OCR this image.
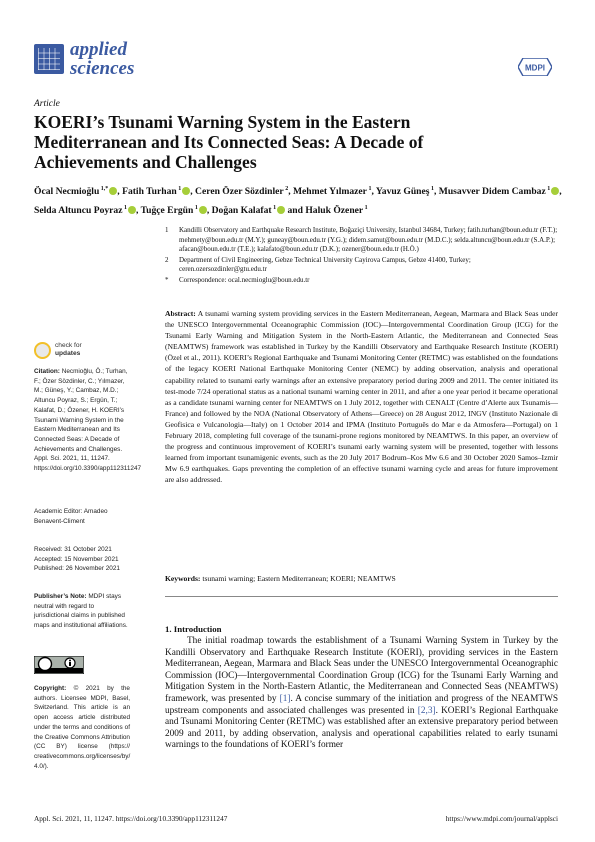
applied
sciences	MDPI
Article
KOERI’s Tsunami Warning System in the Eastern Mediterranean and Its Connected Seas: A Decade of Achievements and Challenges
Öcal Necmioğlu $^{1,*}$ , Fatih Turhan $^1$ , Ceren Özer Sözdinler $^2$, Mehmet Yılmazer $^1$, Yavuz Güneş $^1$, Musavver Didem Cambaz $^1$ , Selda Altuncu Poyraz $^1$ , Tuğçe Ergün $^1$ , Doğan Kalafat $^1$ and Haluk Özener $^1$
1	Kandilli Observatory and Earthquake Research Institute, Boğaziçi University, Istanbul 34684, Turkey; fatih.turhan@boun.edu.tr (F.T.); mehmety@boun.edu.tr (M.Y.); guneay@boun.edu.tr (Y.G.); didem.samut@boun.edu.tr (M.D.C.); selda.altuncu@boun.edu.tr (S.A.P.); afacan@boun.edu.tr (T.E.); kalafato@boun.edu.tr (D.K.); ozener@boun.edu.tr (H.Ö.)
2	Department of Civil Engineering, Gebze Technical University Cayirova Campus, Gebze 41400, Turkey; ceren.ozersozdinler@gtu.edu.tr
*	Correspondence: ocal.necmioglu@boun.edu.tr
Abstract: A tsunami warning system providing services in the Eastern Mediterranean, Aegean, Marmara and Black Seas under the UNESCO Intergovernmental Oceanographic Commission (IOC)—Intergovernmental Coordination Group (ICG) for the Tsunami Early Warning and Mitigation System in the North-Eastern Atlantic, the Mediterranean and Connected Seas (NEAMTWS) framework was established in Turkey by the Kandilli Observatory and Earthquake Research Institute (KOERI) (Özel et al., 2011). KOERI’s Regional Earthquake and Tsunami Monitoring Center (RETMC) was established on the foundations of the legacy KOERI National Earthquake Monitoring Center (NEMC) by adding observation, analysis and operational capability related to tsunami early warnings after an extensive preparatory period during 2009 and 2011. The center initiated its test-mode 7/24 operational status as a national tsunami warning center in 2011, and after a one year period it became operational as a candidate tsunami warning center for NEAMTWS on 1 July 2012, together with CENALT (Centre d’Alerte aux Tsunamis—France) and followed by the NOA (National Observatory of Athens—Greece) on 28 August 2012, INGV (Instituto Nazionale di Geofisica e Vulcanologia—Italy) on 1 October 2014 and IPMA (Instituto Português do Mar e da Atmosfera—Portugal) on 1 February 2018, completing full coverage of the tsunami-prone regions monitored by NEAMTWS. In this paper, an overview of the progress and continuous improvement of KOERI’s tsunami early warning system will be presented, together with lessons learned from important tsunamigenic events, such as the 20 July 2017 Bodrum–Kos Mw 6.6 and 30 October 2020 Samos–Izmir Mw 6.9 earthquakes. Gaps preventing the completion of an effective tsunami warning cycle and areas for future improvement are also addressed.
Keywords: tsunami warning; Eastern Mediterranean; KOERI; NEAMTWS
1. Introduction
The initial roadmap towards the establishment of a Tsunami Warning System in Turkey by the Kandilli Observatory and Earthquake Research Institute (KOERI), providing services in the Eastern Mediterranean, Aegean, Marmara and Black Seas under the UNESCO Intergovernmental Oceanographic Commission (IOC)—Intergovernmental Coordination Group (ICG) for the Tsunami Early Warning and Mitigation System in the North-Eastern Atlantic, the Mediterranean and Connected Seas (NEAMTWS) framework, was presented by [1]. A concise summary of the initiation and progress of the NEAMTWS upstream components and associated challenges was presented in [2,3]. KOERI’s Regional Earthquake and Tsunami Monitoring Center (RETMC) was established after an extensive preparatory period between 2009 and 2011, by adding observation, analysis and operational capabilities related to early tsunami warnings to the foundations of KOERI’s former
check for
updates
Citation: Necmioğlu, Ö.; Turhan, F.; Özer Sözdinler, C.; Yılmazer, M.; Güneş, Y.; Cambaz, M.D.; Altuncu Poyraz, S.; Ergün, T.; Kalafat, D.; Özener, H. KOERI’s Tsunami Warning System in the Eastern Mediterranean and Its Connected Seas: A Decade of Achievements and Challenges. Appl. Sci. 2021, 11, 11247. https://doi.org/10.3390/app112311247
Academic Editor: Amadeo Benavent-Climent
Received: 31 October 2021
Accepted: 15 November 2021
Published: 26 November 2021
Publisher’s Note: MDPI stays neutral with regard to jurisdictional claims in published maps and institutional affiliations.
Copyright: © 2021 by the authors. Licensee MDPI, Basel, Switzerland. This article is an open access article distributed under the terms and conditions of the Creative Commons Attribution (CC BY) license (https:// creativecommons.org/licenses/by/ 4.0/).
Appl. Sci. 2021, 11, 11247. https://doi.org/10.3390/app112311247	https://www.mdpi.com/journal/applsci
